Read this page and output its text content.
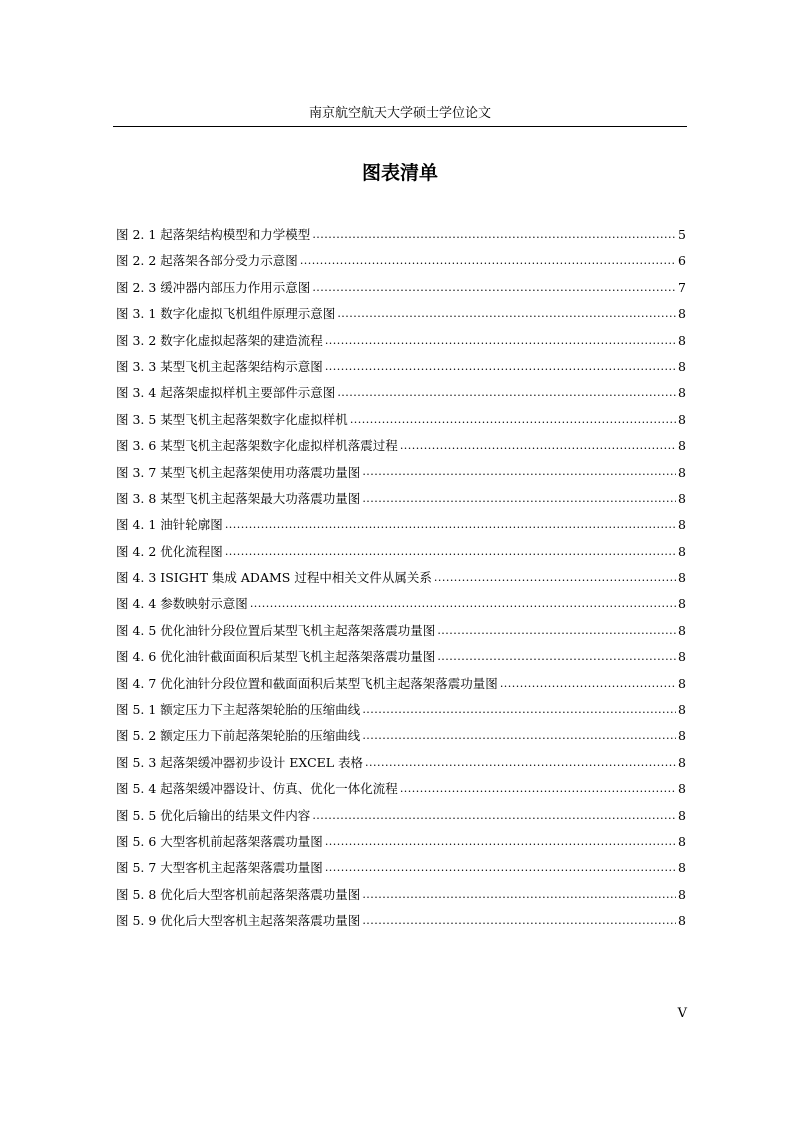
南京航空航天大学硕士学位论文
图表清单
图 2. 1 起落架结构模型和力学模型 .....	5
图 2. 2 起落架各部分受力示意图 .....	6
图 2. 3 缓冲器内部压力作用示意图 .....	7
图 3. 1 数字化虚拟飞机组件原理示意图 .....	8
图 3. 2 数字化虚拟起落架的建造流程 .....	8
图 3. 3 某型飞机主起落架结构示意图 .....	8
图 3. 4 起落架虚拟样机主要部件示意图 .....	8
图 3. 5 某型飞机主起落架数字化虚拟样机 .....	8
图 3. 6 某型飞机主起落架数字化虚拟样机落震过程 .....	8
图 3. 7 某型飞机主起落架使用功落震功量图 .....	8
图 3. 8 某型飞机主起落架最大功落震功量图 .....	8
图 4. 1 油针轮廓图 .....	8
图 4. 2 优化流程图 .....	8
图 4. 3 ISIGHT 集成 ADAMS 过程中相关文件从属关系 .....	8
图 4. 4 参数映射示意图 .....	8
图 4. 5 优化油针分段位置后某型飞机主起落架落震功量图 .....	8
图 4. 6 优化油针截面面积后某型飞机主起落架落震功量图 .....	8
图 4. 7 优化油针分段位置和截面面积后某型飞机主起落架落震功量图 .....	8
图 5. 1 额定压力下主起落架轮胎的压缩曲线 .....	8
图 5. 2 额定压力下前起落架轮胎的压缩曲线 .....	8
图 5. 3 起落架缓冲器初步设计 EXCEL 表格 .....	8
图 5. 4 起落架缓冲器设计、仿真、优化一体化流程 .....	8
图 5. 5 优化后输出的结果文件内容 .....	8
图 5. 6 大型客机前起落架落震功量图 .....	8
图 5. 7 大型客机主起落架落震功量图 .....	8
图 5. 8 优化后大型客机前起落架落震功量图 .....	8
图 5. 9 优化后大型客机主起落架落震功量图 .....	8
V
